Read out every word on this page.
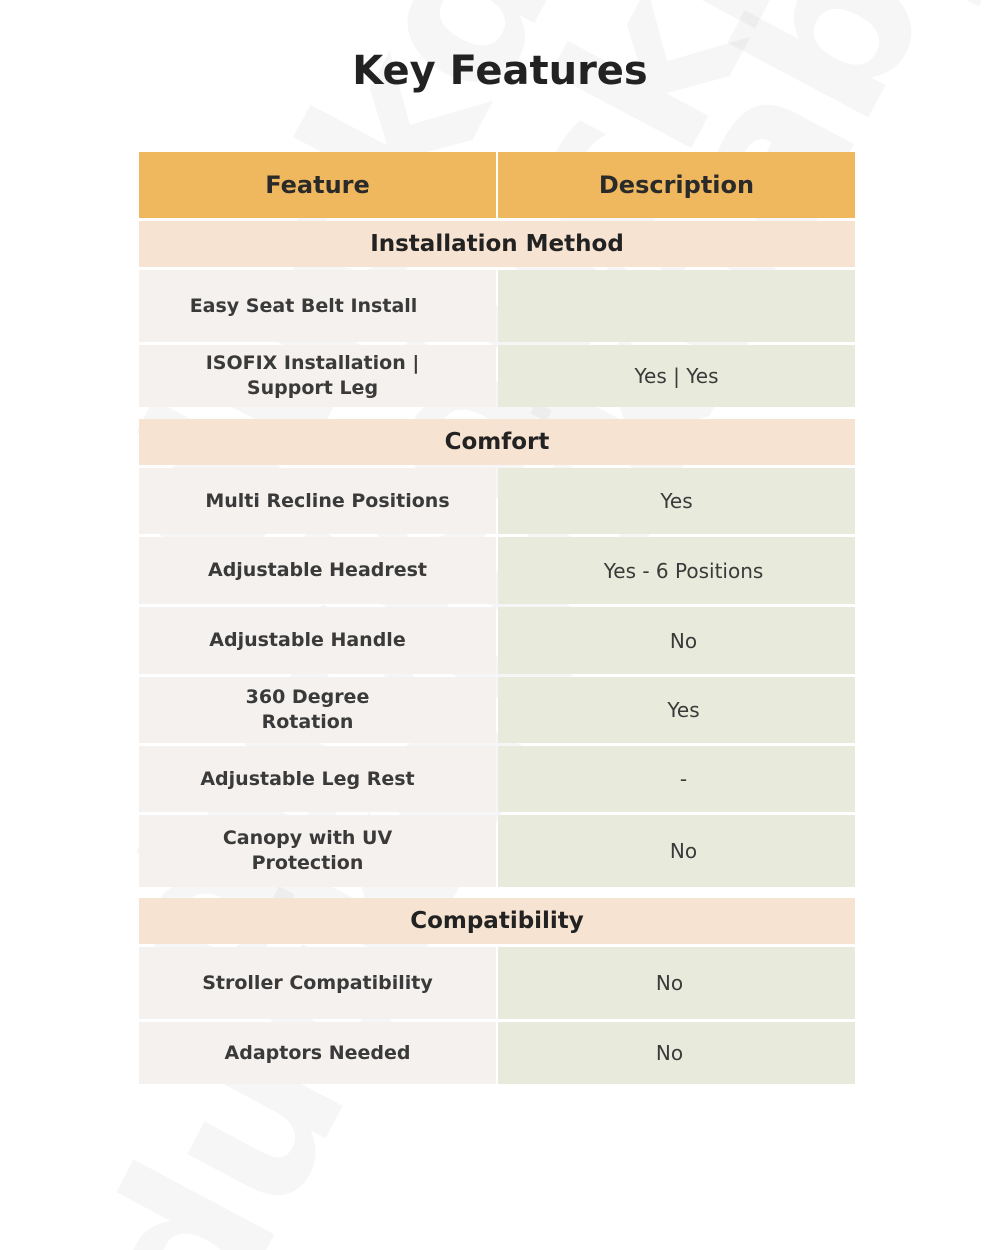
Key Features
Feature	Description
Installation Method
Easy Seat Belt Install
ISOFIX Installation | Support Leg	Yes | Yes
Comfort
Multi Recline Positions	Yes
Adjustable Headrest	Yes - 6 Positions
Adjustable Handle	No
360 Degree Rotation	Yes
Adjustable Leg Rest	-
Canopy with UV Protection	No
Compatibility
Stroller Compatibility	No
Adaptors Needed	No
